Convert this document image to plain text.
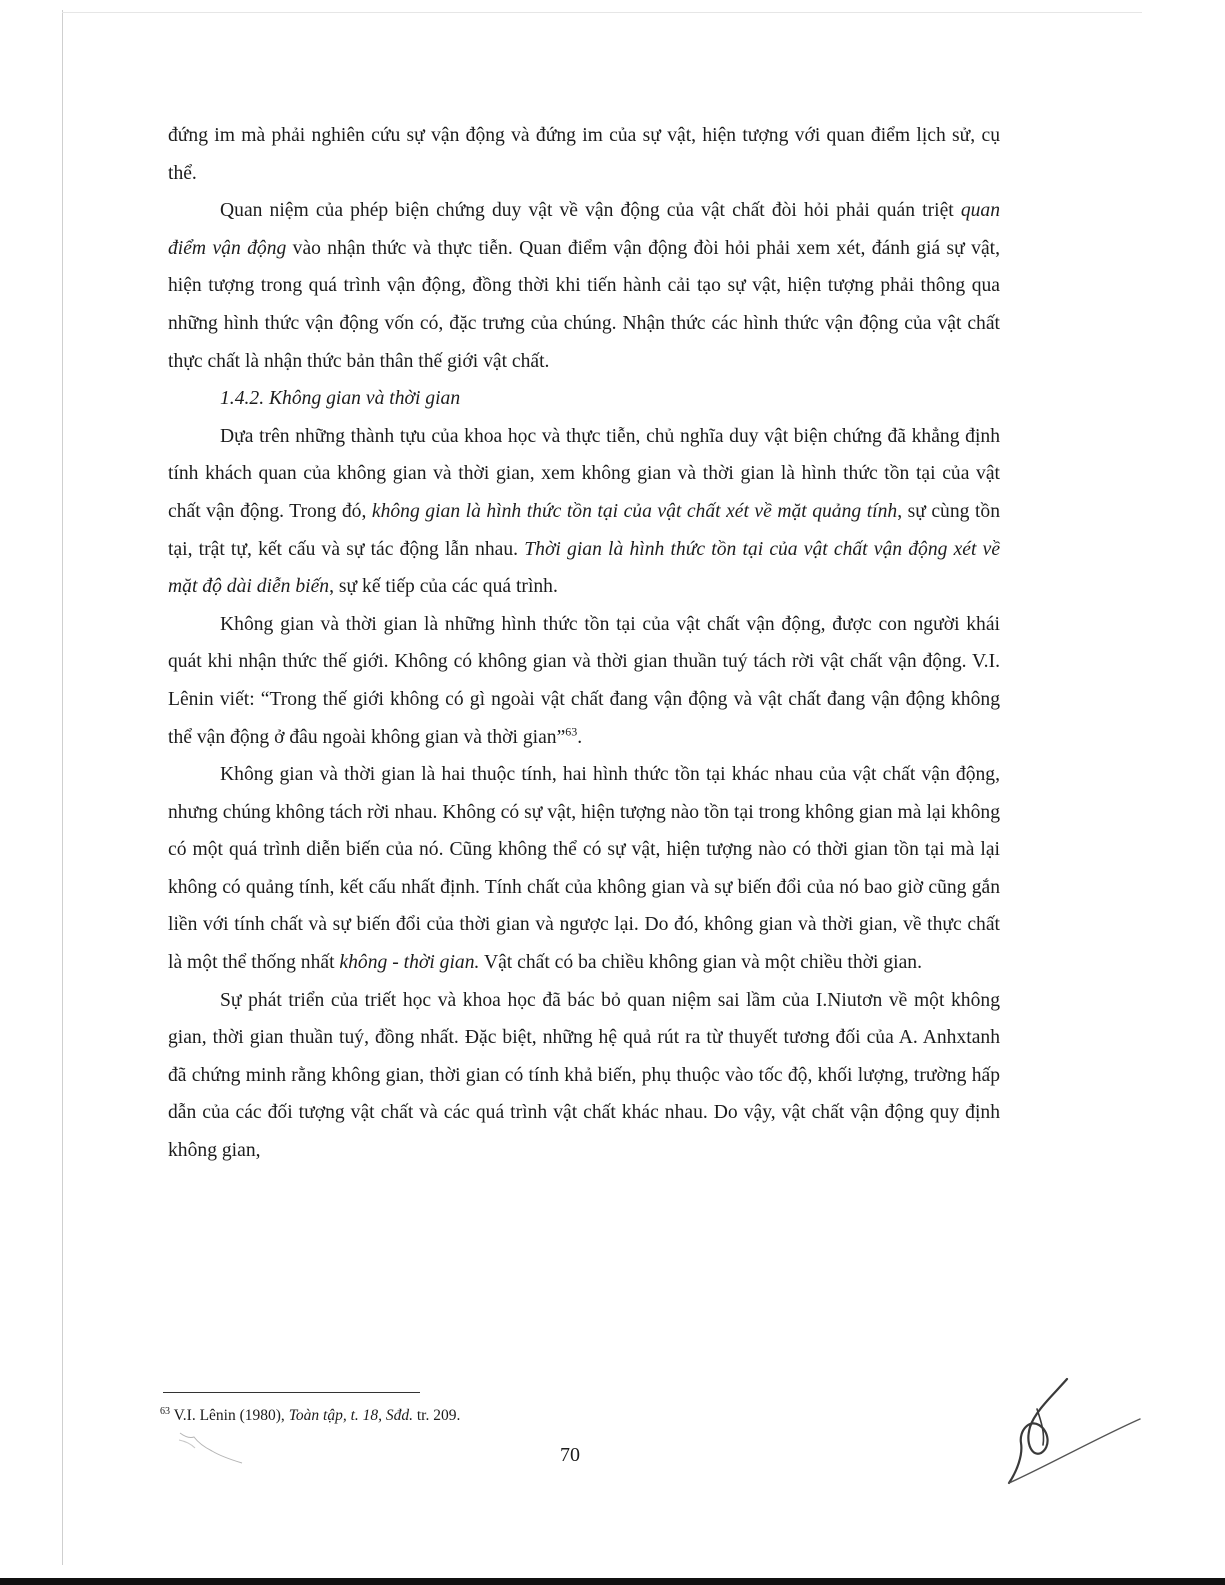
đứng im mà phải nghiên cứu sự vận động và đứng im của sự vật, hiện tượng với quan điểm lịch sử, cụ thể.

Quan niệm của phép biện chứng duy vật về vận động của vật chất đòi hỏi phải quán triệt quan điểm vận động vào nhận thức và thực tiễn. Quan điểm vận động đòi hỏi phải xem xét, đánh giá sự vật, hiện tượng trong quá trình vận động, đồng thời khi tiến hành cải tạo sự vật, hiện tượng phải thông qua những hình thức vận động vốn có, đặc trưng của chúng. Nhận thức các hình thức vận động của vật chất thực chất là nhận thức bản thân thế giới vật chất.

1.4.2. Không gian và thời gian

Dựa trên những thành tựu của khoa học và thực tiễn, chủ nghĩa duy vật biện chứng đã khẳng định tính khách quan của không gian và thời gian, xem không gian và thời gian là hình thức tồn tại của vật chất vận động. Trong đó, không gian là hình thức tồn tại của vật chất xét về mặt quảng tính, sự cùng tồn tại, trật tự, kết cấu và sự tác động lẫn nhau. Thời gian là hình thức tồn tại của vật chất vận động xét về mặt độ dài diễn biến, sự kế tiếp của các quá trình.

Không gian và thời gian là những hình thức tồn tại của vật chất vận động, được con người khái quát khi nhận thức thế giới. Không có không gian và thời gian thuần tuý tách rời vật chất vận động. V.I. Lênin viết: “Trong thế giới không có gì ngoài vật chất đang vận động và vật chất đang vận động không thể vận động ở đâu ngoài không gian và thời gian”$^{63}$.

Không gian và thời gian là hai thuộc tính, hai hình thức tồn tại khác nhau của vật chất vận động, nhưng chúng không tách rời nhau. Không có sự vật, hiện tượng nào tồn tại trong không gian mà lại không có một quá trình diễn biến của nó. Cũng không thể có sự vật, hiện tượng nào có thời gian tồn tại mà lại không có quảng tính, kết cấu nhất định. Tính chất của không gian và sự biến đổi của nó bao giờ cũng gắn liền với tính chất và sự biến đổi của thời gian và ngược lại. Do đó, không gian và thời gian, về thực chất là một thể thống nhất không - thời gian. Vật chất có ba chiều không gian và một chiều thời gian.

Sự phát triển của triết học và khoa học đã bác bỏ quan niệm sai lầm của I.Niutơn về một không gian, thời gian thuần tuý, đồng nhất. Đặc biệt, những hệ quả rút ra từ thuyết tương đối của A. Anhxtanh đã chứng minh rằng không gian, thời gian có tính khả biến, phụ thuộc vào tốc độ, khối lượng, trường hấp dẫn của các đối tượng vật chất và các quá trình vật chất khác nhau. Do vậy, vật chất vận động quy định không gian,

$^{63}$ V.I. Lênin (1980), Toàn tập, t. 18, Sđd. tr. 209.
70
